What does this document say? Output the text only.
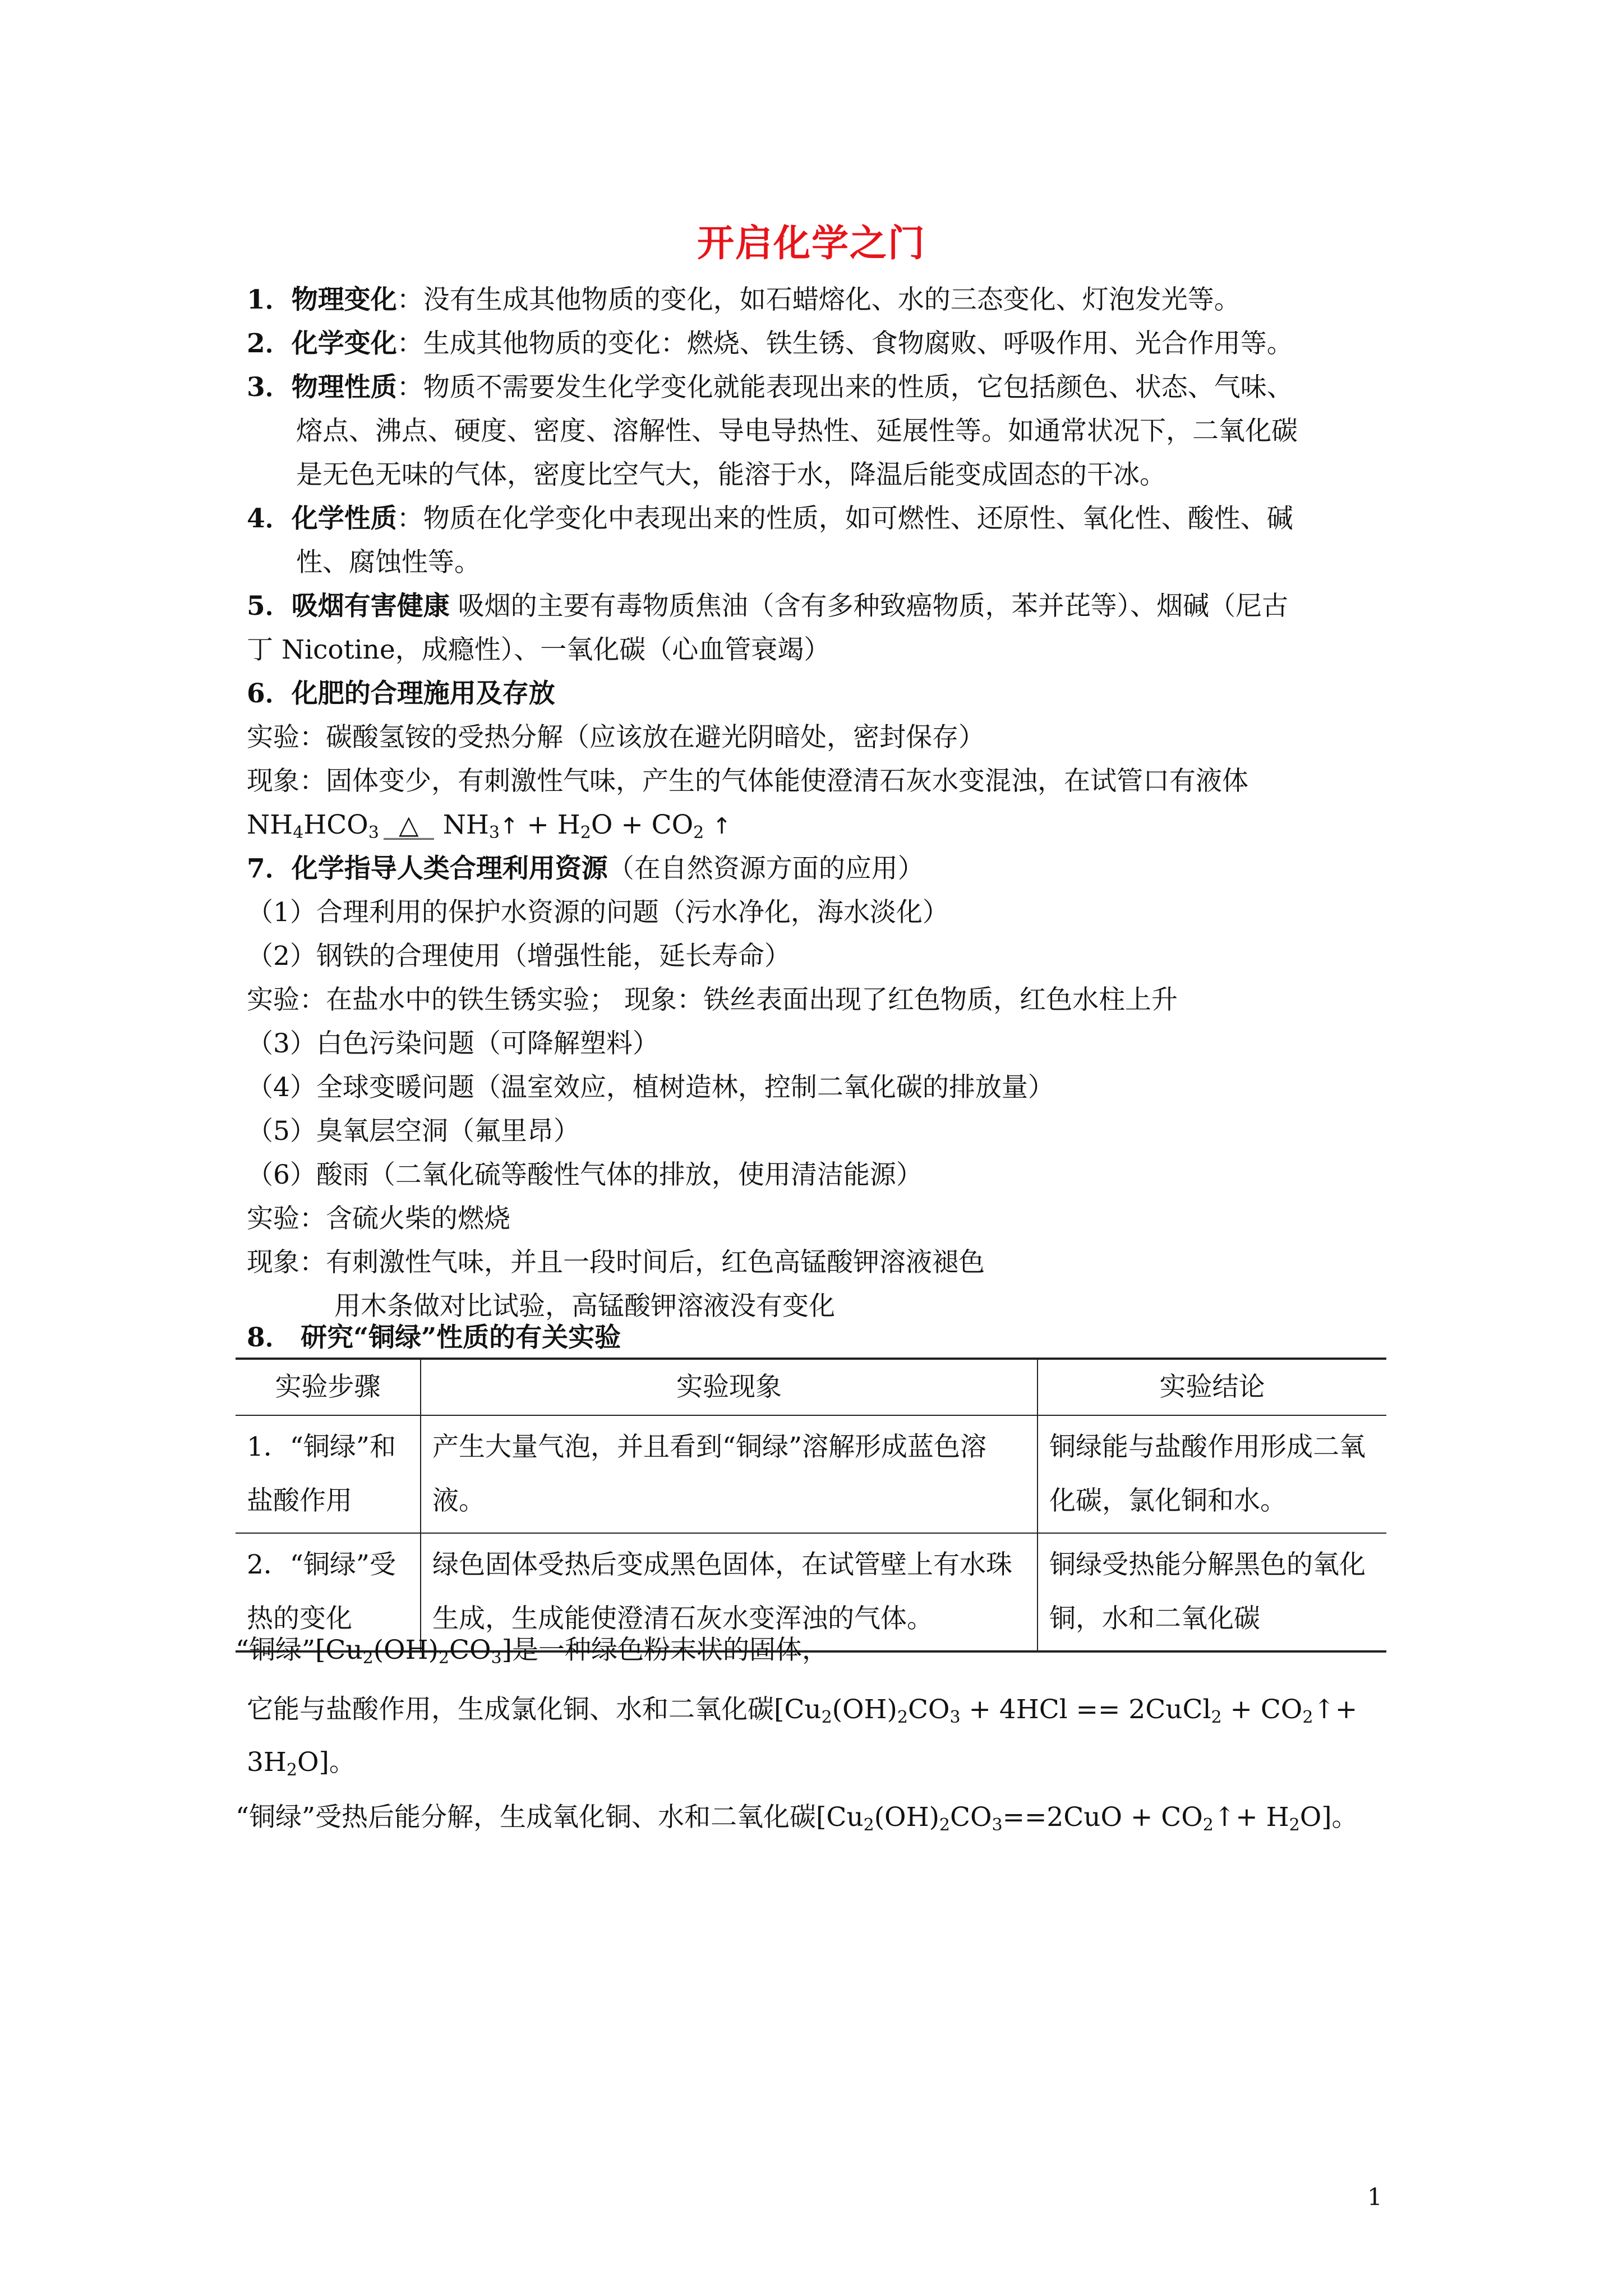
开启化学之门
1．物理变化：没有生成其他物质的变化，如石蜡熔化、水的三态变化、灯泡发光等。
2．化学变化：生成其他物质的变化：燃烧、铁生锈、食物腐败、呼吸作用、光合作用等。
3．物理性质：物质不需要发生化学变化就能表现出来的性质，它包括颜色、状态、气味、
熔点、沸点、硬度、密度、溶解性、导电导热性、延展性等。如通常状况下，二氧化碳
是无色无味的气体，密度比空气大，能溶于水，降温后能变成固态的干冰。
4．化学性质：物质在化学变化中表现出来的性质，如可燃性、还原性、氧化性、酸性、碱
性、腐蚀性等。
5．吸烟有害健康 吸烟的主要有毒物质焦油（含有多种致癌物质，苯并芘等）、烟碱（尼古
丁 Nicotine，成瘾性）、一氧化碳（心血管衰竭）
6．化肥的合理施用及存放
实验：碳酸氢铵的受热分解（应该放在避光阴暗处，密封保存）
现象：固体变少，有刺激性气味，产生的气体能使澄清石灰水变混浊，在试管口有液体
$NH_4HCO_3$ △ $NH_3↑ + H_2O + CO_2$ ↑
7．化学指导人类合理利用资源（在自然资源方面的应用）
（1）合理利用的保护水资源的问题（污水净化，海水淡化）
（2）钢铁的合理使用（增强性能，延长寿命）
实验：在盐水中的铁生锈实验； 现象：铁丝表面出现了红色物质，红色水柱上升
（3）白色污染问题（可降解塑料）
（4）全球变暖问题（温室效应，植树造林，控制二氧化碳的排放量）
（5）臭氧层空洞（氟里昂）
（6）酸雨（二氧化硫等酸性气体的排放，使用清洁能源）
实验：含硫火柴的燃烧
现象：有刺激性气味，并且一段时间后，红色高锰酸钾溶液褪色
用木条做对比试验，高锰酸钾溶液没有变化
8． 研究“铜绿”性质的有关实验
实验步骤	实验现象	实验结论
1．“铜绿”和盐酸作用	产生大量气泡，并且看到“铜绿”溶解形成蓝色溶液。	铜绿能与盐酸作用形成二氧化碳，氯化铜和水。
2．“铜绿”受热的变化	绿色固体受热后变成黑色固体，在试管壁上有水珠生成，生成能使澄清石灰水变浑浊的气体。	铜绿受热能分解黑色的氧化铜，水和二氧化碳
“铜绿$”[Cu_2(OH)_2CO_3]$是一种绿色粉末状的固体，
它能与盐酸作用，生成氯化铜、水和二氧化碳[$Cu_2(OH)_2CO_3 + 4HCl$ == 2CuCl$_2$ + $CO_2↑+$
$3H_2O$]。
“铜绿”受热后能分解，生成氧化铜、水和二氧化碳[$Cu_2(OH)_2CO_3==2CuO$ + $CO_2↑+ H_2O$]。
1
